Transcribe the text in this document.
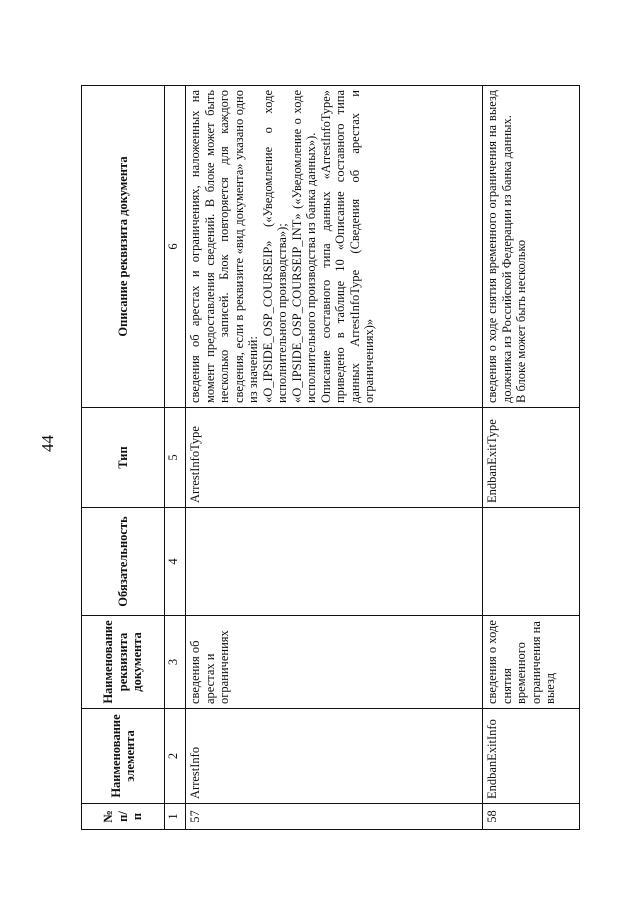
44
№ п/п	Наименование элемента	Наименование реквизита документа	Обязательность	Тип	Описание реквизита документа
1	2	3	4	5	6
57	ArrestInfo	сведения об арестах и ограничениях		ArrestInfoType	сведения об арестах и ограничениях, наложенных на момент предоставления сведений. В блоке может быть несколько записей. Блок повторяется для каждого сведения, если в реквизите «вид документа» указано одно из значений: «O_IPSIDE_OSP_COURSEIP» («Уведомление о ходе исполнительного производства»); «O_IPSIDE_OSP_COURSEIP_INT» («Уведомление о ходе исполнительного производства из банка данных»). Описание составного типа данных «ArrestInfoType» приведено в таблице 10 «Описание составного типа данных ArrestInfoType (Сведения об арестах и ограничениях)»

58	EndbanExitInfo	сведения о ходе снятия временного ограничения на выезд		EndbanExitType	сведения о ходе снятия временного ограничения на выезд должника из Российской Федерации из банка данных. В блоке может быть несколько
